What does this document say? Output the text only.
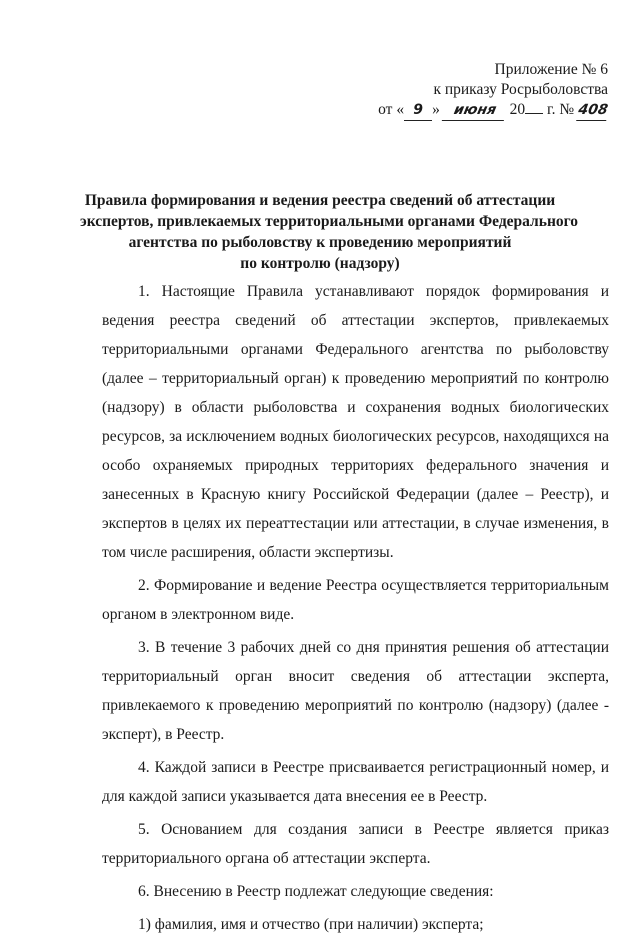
Приложение № 6
к приказу Росрыболовства
от « 9 » июня 20 г. № 408
Правила формирования и ведения реестра сведений об аттестации
экспертов, привлекаемых территориальными органами Федерального
агентства по рыболовству к проведению мероприятий
по контролю (надзору)

1. Настоящие Правила устанавливают порядок формирования и ведения реестра сведений об аттестации экспертов, привлекаемых территориальными органами Федерального агентства по рыболовству (далее – территориальный орган) к проведению мероприятий по контролю (надзору) в области рыболовства и сохранения водных биологических ресурсов, за исключением водных биологических ресурсов, находящихся на особо охраняемых природных территориях федерального значения и занесенных в Красную книгу Российской Федерации (далее – Реестр), и экспертов в целях их переаттестации или аттестации, в случае изменения, в том числе расширения, области экспертизы.

2. Формирование и ведение Реестра осуществляется территориальным органом в электронном виде.

3. В течение 3 рабочих дней со дня принятия решения об аттестации территориальный орган вносит сведения об аттестации эксперта, привлекаемого к проведению мероприятий по контролю (надзору) (далее - эксперт), в Реестр.

4. Каждой записи в Реестре присваивается регистрационный номер, и для каждой записи указывается дата внесения ее в Реестр.

5. Основанием для создания записи в Реестре является приказ территориального органа об аттестации эксперта.

6. Внесению в Реестр подлежат следующие сведения:

1) фамилия, имя и отчество (при наличии) эксперта;
